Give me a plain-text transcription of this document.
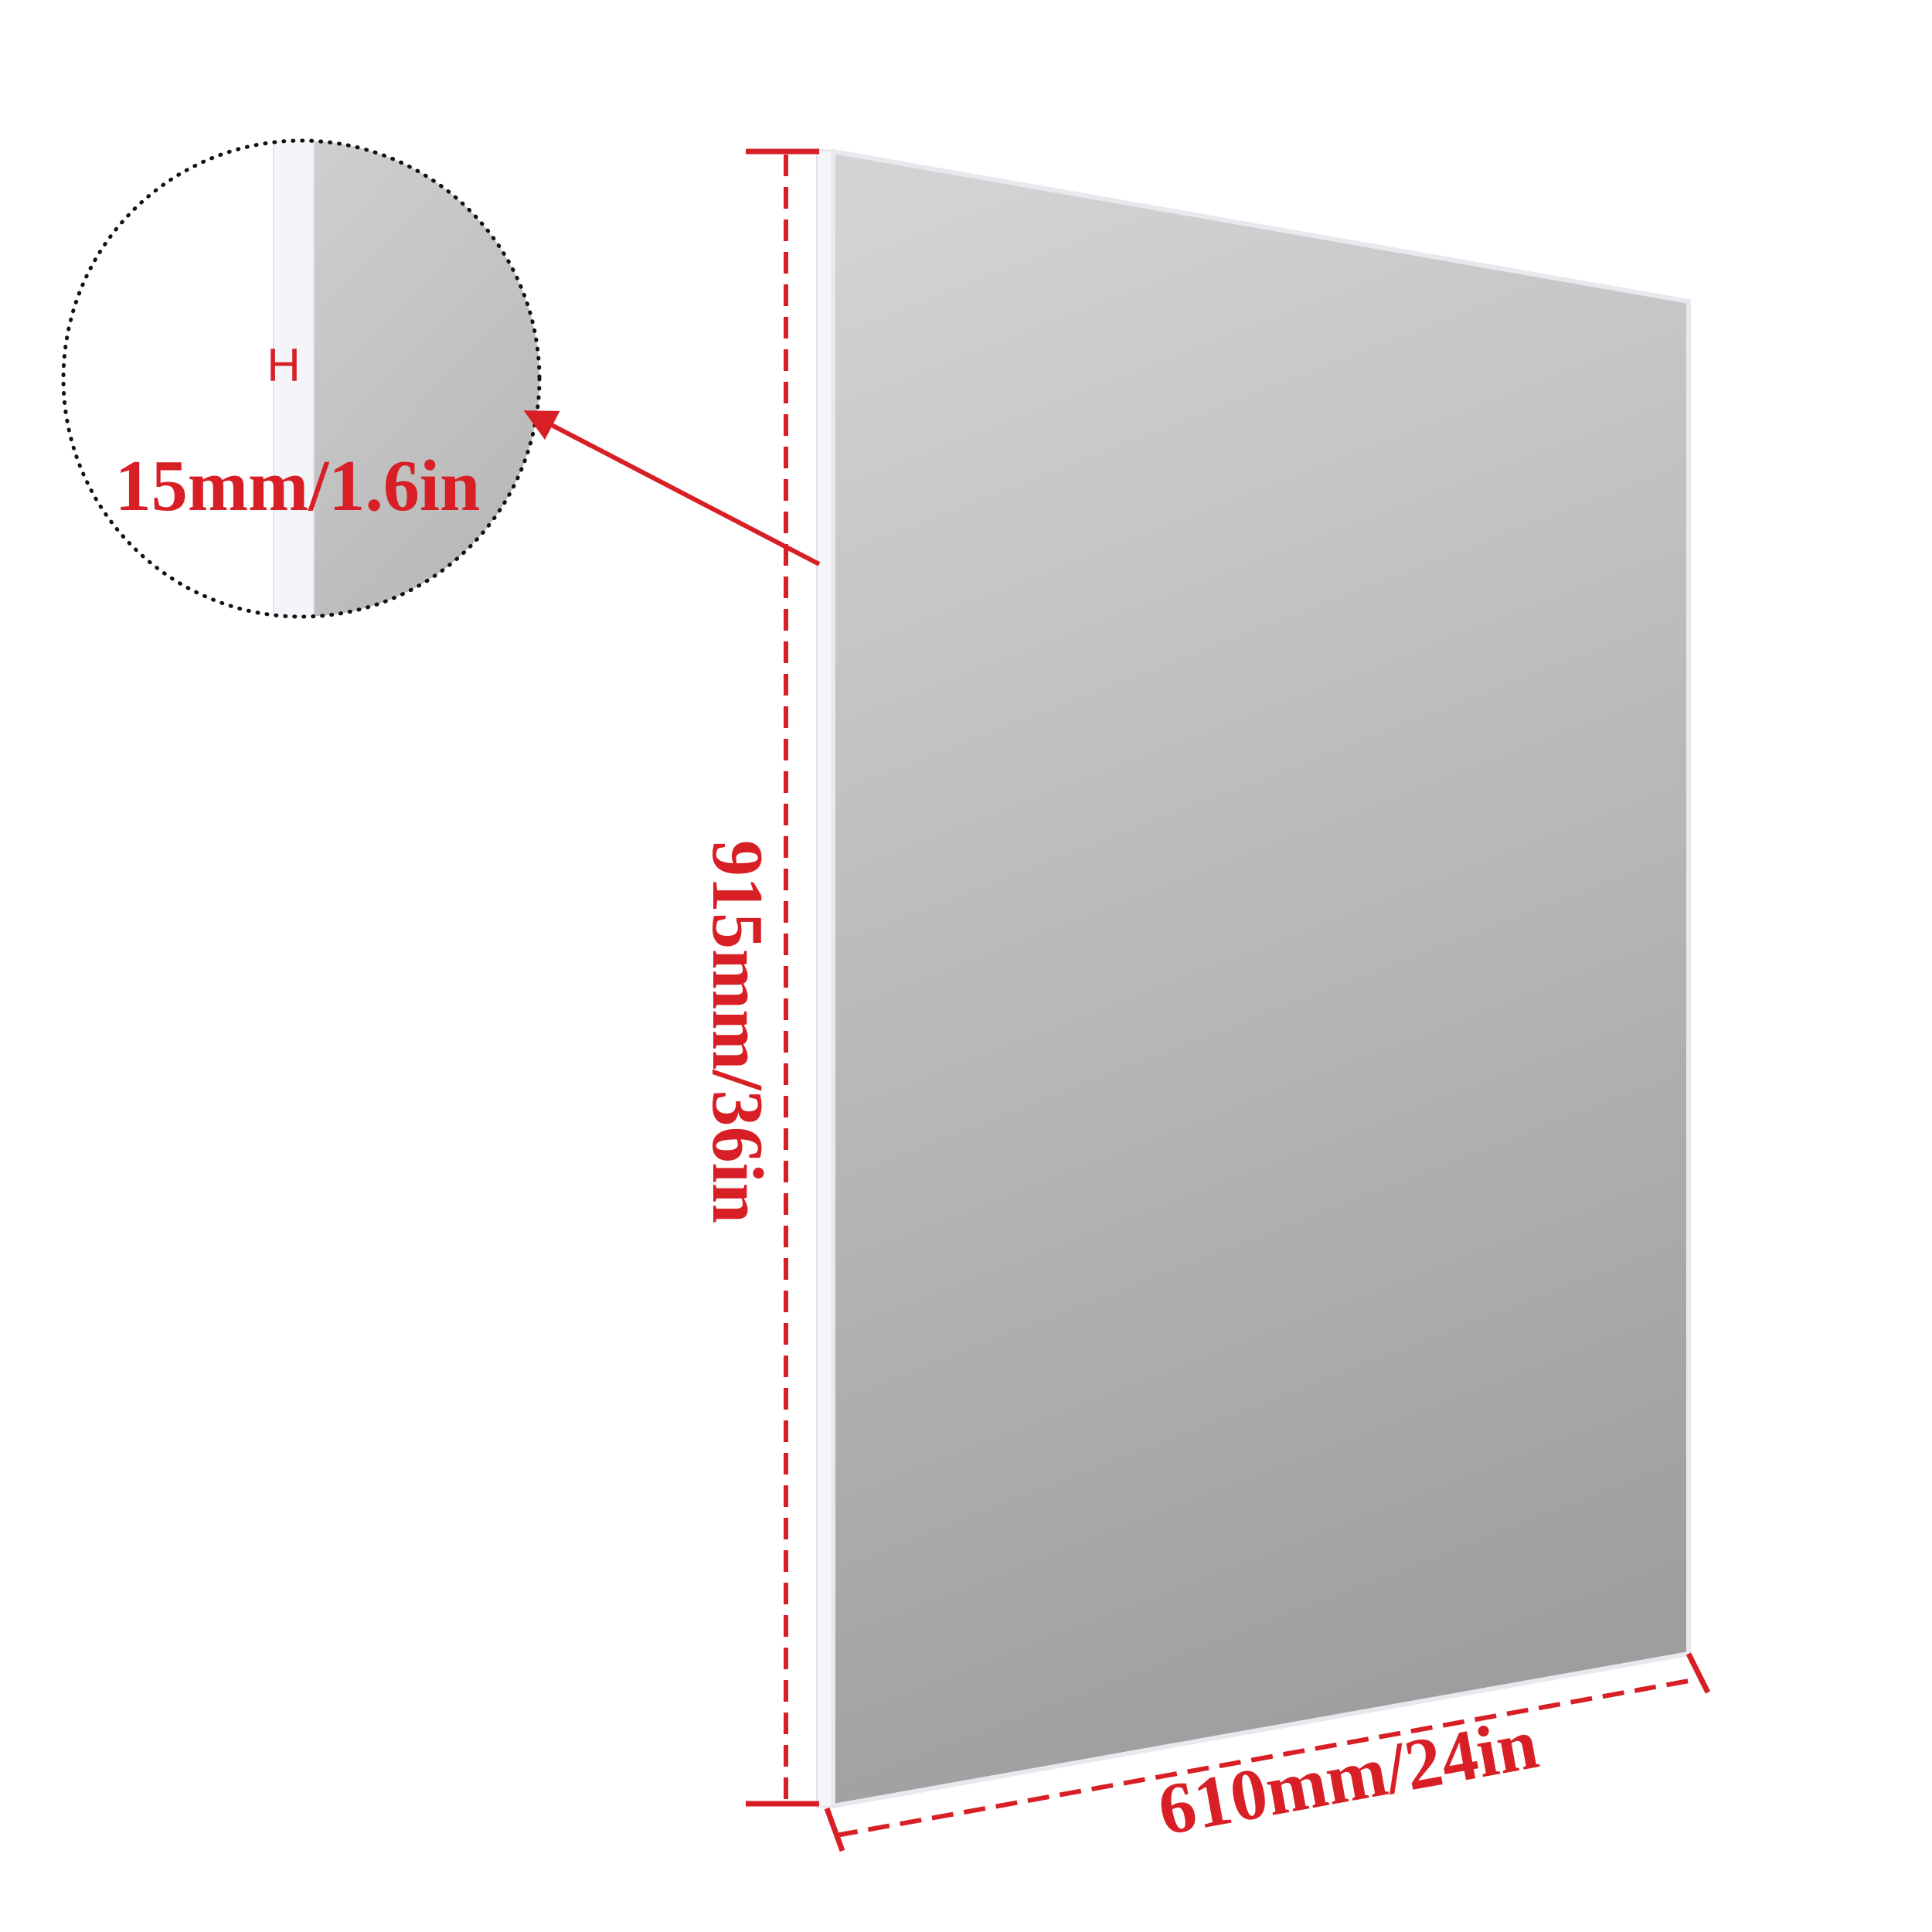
915mm/36in
610mm/24in
H
15mm/1.6in
